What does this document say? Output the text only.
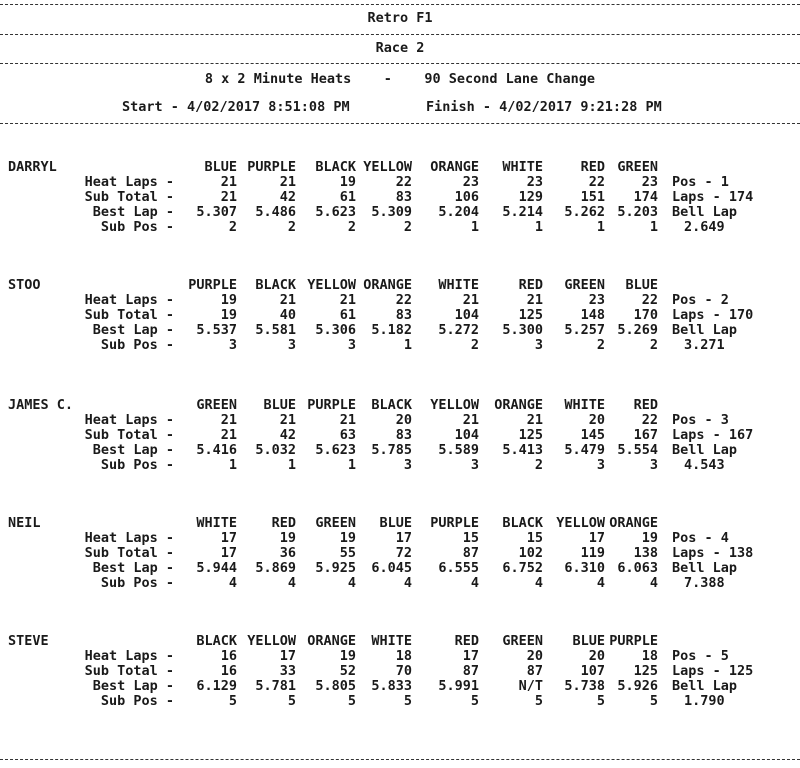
Retro F1
Race 2
8 x 2 Minute Heats    -    90 Second Lane Change
Start - 4/02/2017 8:51:08 PM	Finish - 4/02/2017 9:21:28 PM
DARRYL	BLUE PURPLE	BLACK YELLOW	ORANGE	WHITE	RED GREEN
Heat Laps -	21	21	19	22	23	23	22	23	Pos - 1
Sub Total -	21	42	61	83	106	129	151	174	Laps - 174
Best Lap -	5.307	5.486	5.623	5.309	5.204	5.214	5.262 5.203	Bell Lap
Sub Pos -	2	2	2	2	1	1	1	1	2.649
STOO	PURPLE	BLACK YELLOW ORANGE	WHITE	RED	GREEN	BLUE
Heat Laps -	19	21	21	22	21	21	23	22	Pos - 2
Sub Total -	19	40	61	83	104	125	148	170	Laps - 170
Best Lap -	5.537	5.581	5.306	5.182	5.272	5.300	5.257 5.269	Bell Lap
Sub Pos -	3	3	3	1	2	3	2	2	3.271
JAMES C.	GREEN	BLUE PURPLE	BLACK	YELLOW	ORANGE	WHITE	RED
Heat Laps -	21	21	21	20	21	21	20	22	Pos - 3
Sub Total -	21	42	63	83	104	125	145	167	Laps - 167
Best Lap -	5.416	5.032	5.623	5.785	5.589	5.413	5.479 5.554	Bell Lap
Sub Pos -	1	1	1	3	3	2	3	3	4.543
NEIL	WHITE	RED	GREEN	BLUE	PURPLE	BLACK YELLOW ORANGE
Heat Laps -	17	19	19	17	15	15	17	19	Pos - 4
Sub Total -	17	36	55	72	87	102	119	138	Laps - 138
Best Lap -	5.944	5.869	5.925	6.045	6.555	6.752	6.310 6.063	Bell Lap
Sub Pos -	4	4	4	4	4	4	4	4	7.388
STEVE	BLACK YELLOW ORANGE	WHITE	RED	GREEN	BLUE PURPLE
Heat Laps -	16	17	19	18	17	20	20	18	Pos - 5
Sub Total -	16	33	52	70	87	87	107	125	Laps - 125
Best Lap -	6.129	5.781	5.805	5.833	5.991	N/T	5.738 5.926	Bell Lap
Sub Pos -	5	5	5	5	5	5	5	5	1.790
